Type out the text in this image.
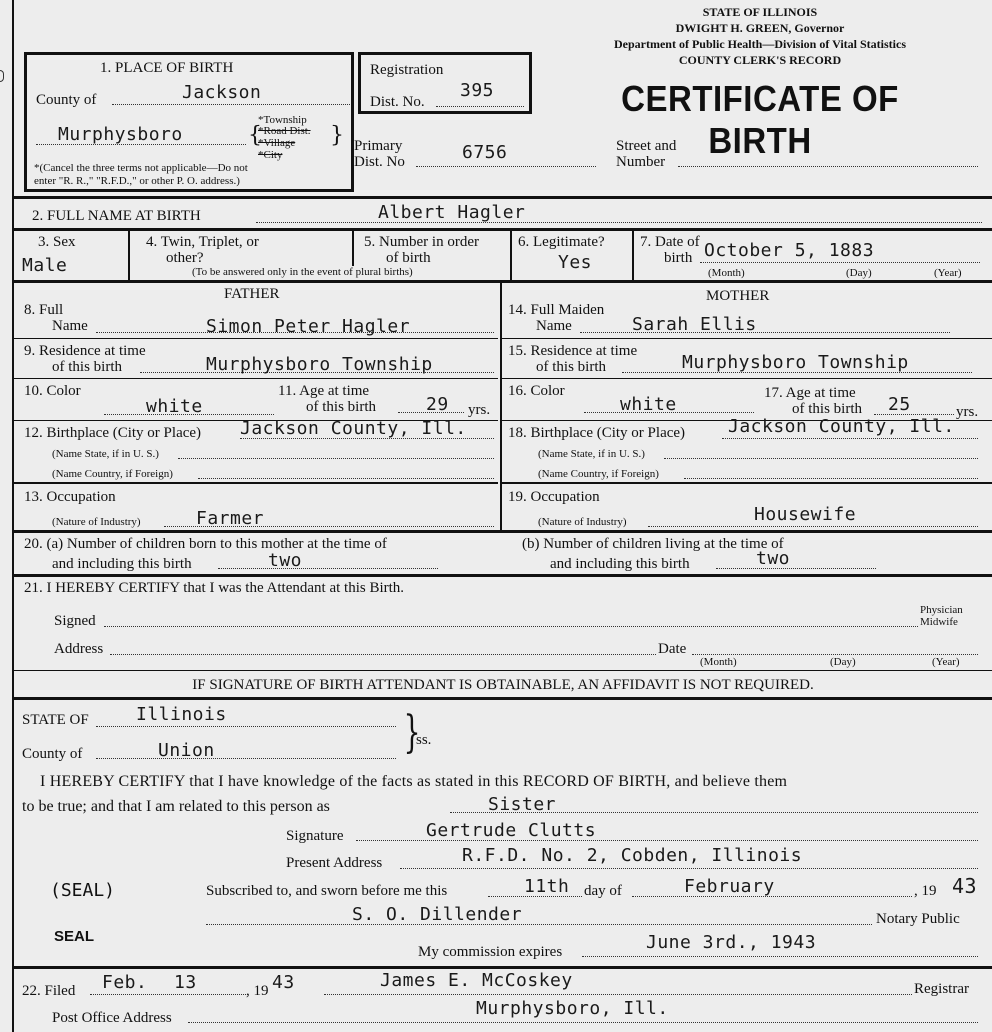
STATE OF ILLINOIS
DWIGHT H. GREEN, Governor
Department of Public Health—Division of Vital Statistics
COUNTY CLERK'S RECORD
CERTIFICATE OF BIRTH
1. PLACE OF BIRTH
County of	Jackson
Murphysboro	{
*Township
*Road Dist.
*Village
*City
}
*(Cancel the three terms not applicable—Do not
enter "R. R.," "R.F.D.," or other P. O. address.)
Registration
Dist. No.
395
Primary
Dist. No	6756	Street and
Number
2. FULL NAME AT BIRTH	Albert Hagler
3. Sex
Male
4. Twin, Triplet, or
other?
5. Number in order
of birth
(To be answered only in the event of plural births)
6. Legitimate?
Yes
7. Date of
birth October 5, 1883
(Month)	(Day)	(Year)
FATHER	MOTHER
8. Full
Name	Simon Peter Hagler
14. Full Maiden
Name	Sarah Ellis
9. Residence at time
of this birth	Murphysboro Township
15. Residence at time
of this birth	Murphysboro Township
10. Color
white
11. Age at time
of this birth	29 yrs.
16. Color
white
17. Age at time
of this birth 25	yrs.
12. Birthplace (City or Place) Jackson County, Ill.
(Name State, if in U. S.)
(Name Country, if Foreign)
18. Birthplace (City or Place) Jackson County, Ill.
(Name State, if in U. S.)
(Name Country, if Foreign)
13. Occupation
(Nature of Industry)	Farmer
19. Occupation
(Nature of Industry)	Housewife
20. (a) Number of children born to this mother at the time of
and including this birth	two
(b) Number of children living at the time of
and including this birth	two
21. I HEREBY CERTIFY that I was the Attendant at this Birth.
Signed
Physician
Midwife
Address	Date
(Month)	(Day)	(Year)
IF SIGNATURE OF BIRTH ATTENDANT IS OBTAINABLE, AN AFFIDAVIT IS NOT REQUIRED.
STATE OF	Illinois
County of	Union	}
ss.
I HEREBY CERTIFY that I have knowledge of the facts as stated in this RECORD OF BIRTH, and believe them
to be true; and that I am related to this person as	Sister
Signature	Gertrude Clutts
Present Address	R.F.D. No. 2, Cobden, Illinois
(SEAL)	Subscribed to, and sworn before me this	11th day of	February	, 19 43
S. O. Dillender	Notary Public
SEAL
My commission expires	June 3rd., 1943
22. Filed Feb. 13	, 19 43	James E. McCoskey	Registrar
Post Office Address	Murphysboro, Ill.
